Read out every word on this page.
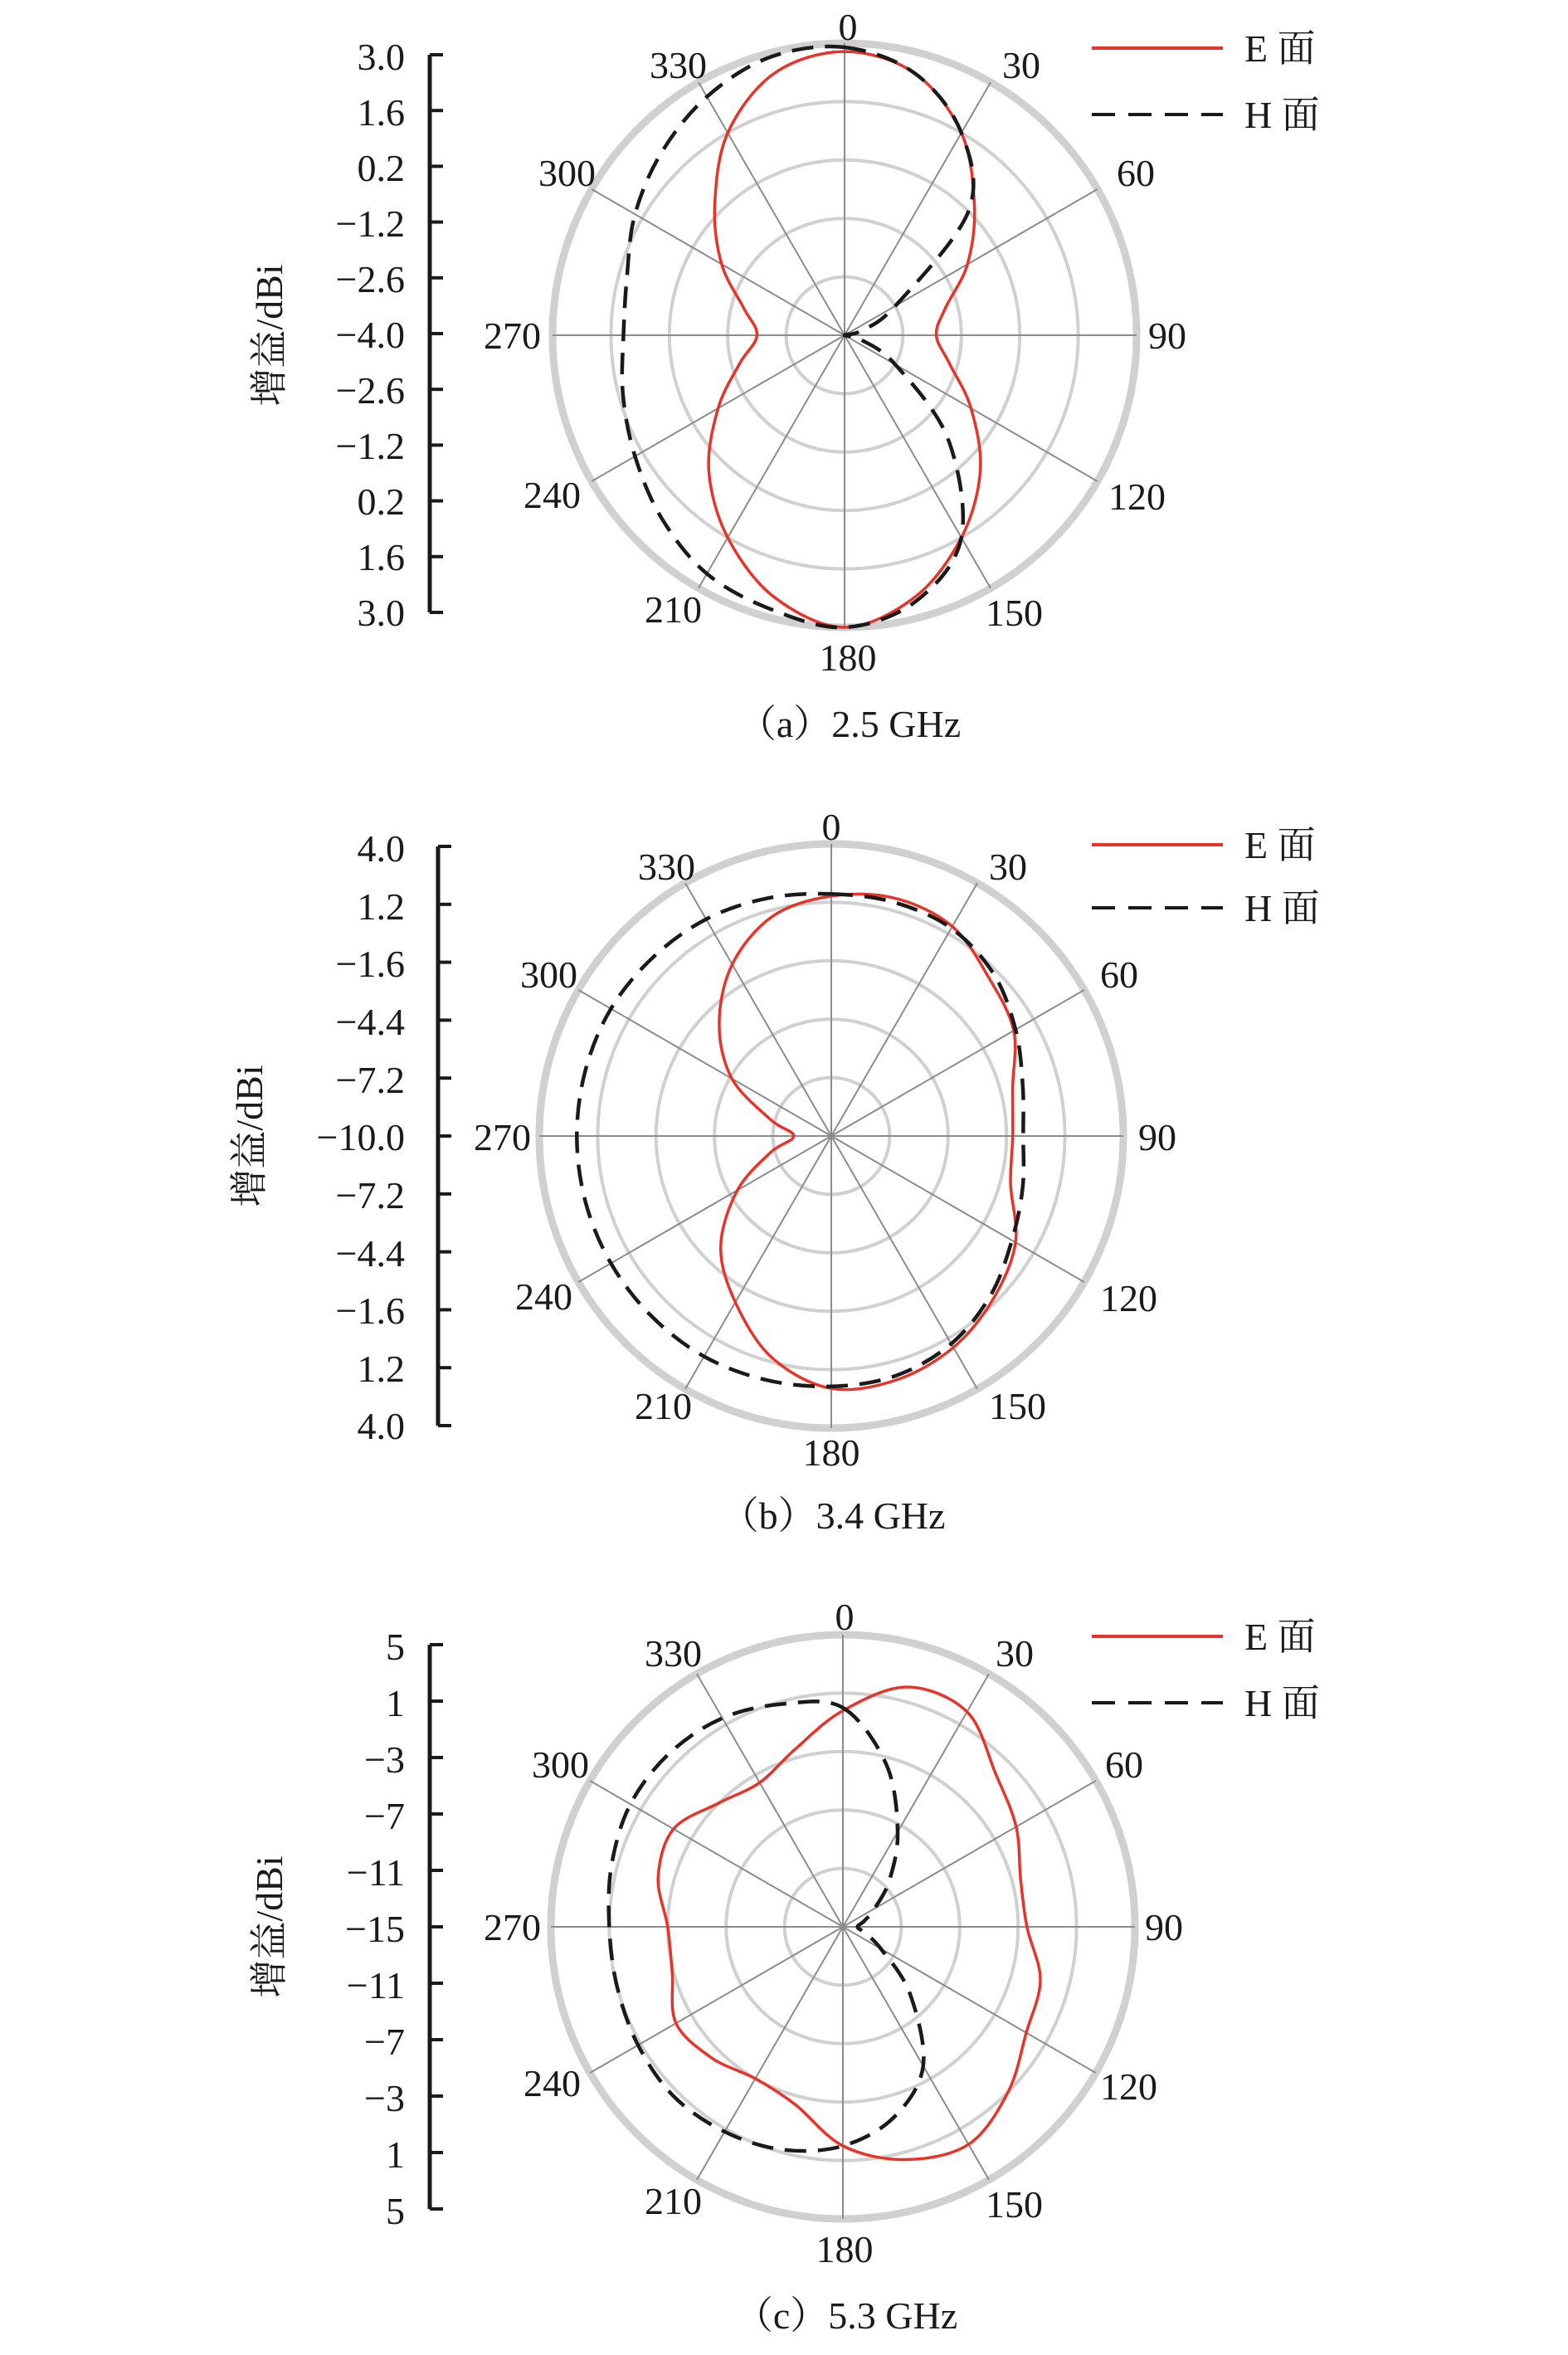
3.0
1.6
0.2
−1.2
−2.6
−4.0
−2.6
−1.2
0.2
1.6
3.0
增益/dBi
0
30
60
90
120
150
180
210
240
270
300
330	E 面
H 面
（a）2.5 GHz
4.0
1.2
−1.6
−4.4
−7.2
−10.0
−7.2
−4.4
−1.6
1.2
4.0
增益/dBi
0
30
60
90
120
150
180
210
240
270
300
330
E 面
H 面
（b）3.4 GHz
5
1
−3
−7
−11
−15
−11
−7
−3
1
5
增益/dBi
0
30
60
90
120
150
180
210
240
270
300
330	E 面
H 面
（c）5.3 GHz
